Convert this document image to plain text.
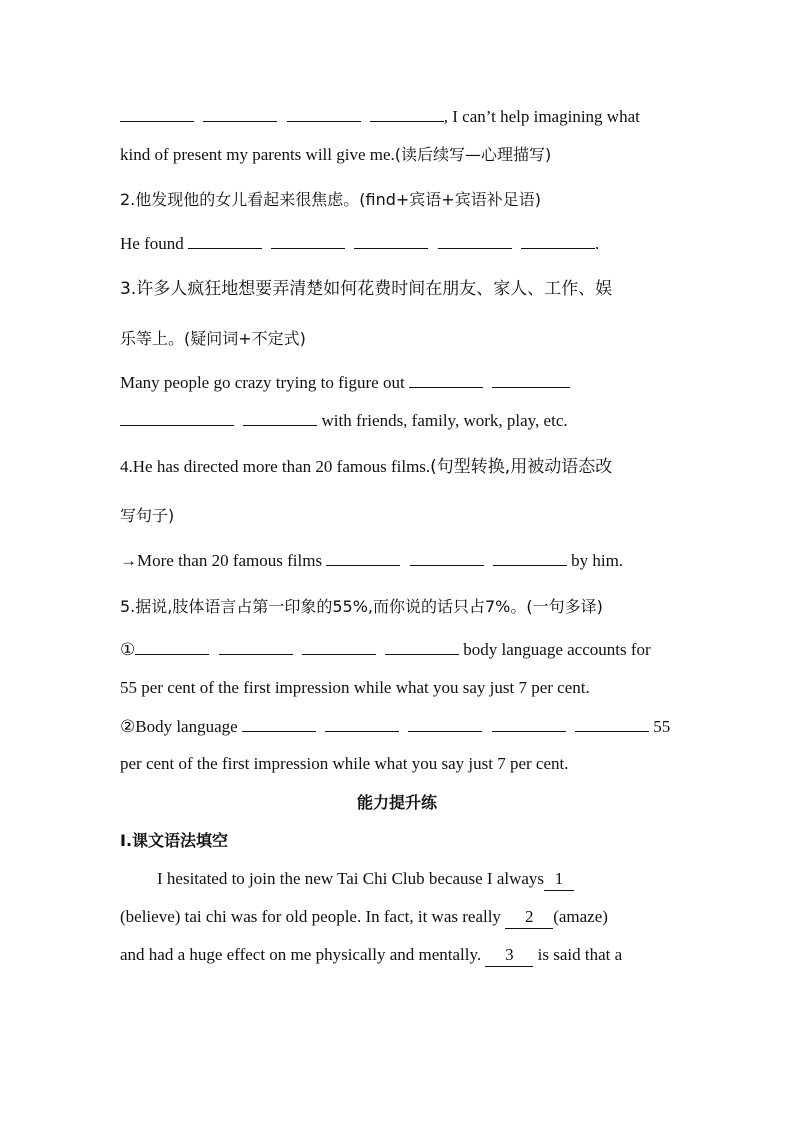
, I can’t help imagining what
kind of present my parents will give me.(读后续写—心理描写)
2.他发现他的女儿看起来很焦虑。(find+宾语+宾语补足语)
He found	.
3.许多人疯狂地想要弄清楚如何花费时间在朋友、家人、工作、娱
乐等上。(疑问词+不定式)
Many people go crazy trying to figure out
with friends, family, work, play, etc.
4.He has directed more than 20 famous films.(句型转换,用被动语态改
写句子)
→More than 20 famous films	by him.
5.据说,肢体语言占第一印象的55%,而你说的话只占7%。(一句多译)
①	body language accounts for
55 per cent of the first impression while what you say just 7 per cent.
②Body language	55
per cent of the first impression while what you say just 7 per cent.
能力提升练
Ⅰ.课文语法填空
I hesitated to join the new Tai Chi Club because I always 1
(believe) tai chi was for old people. In fact, it was really 2 (amaze)
and had a huge effect on me physically and mentally. 3 is said that a
